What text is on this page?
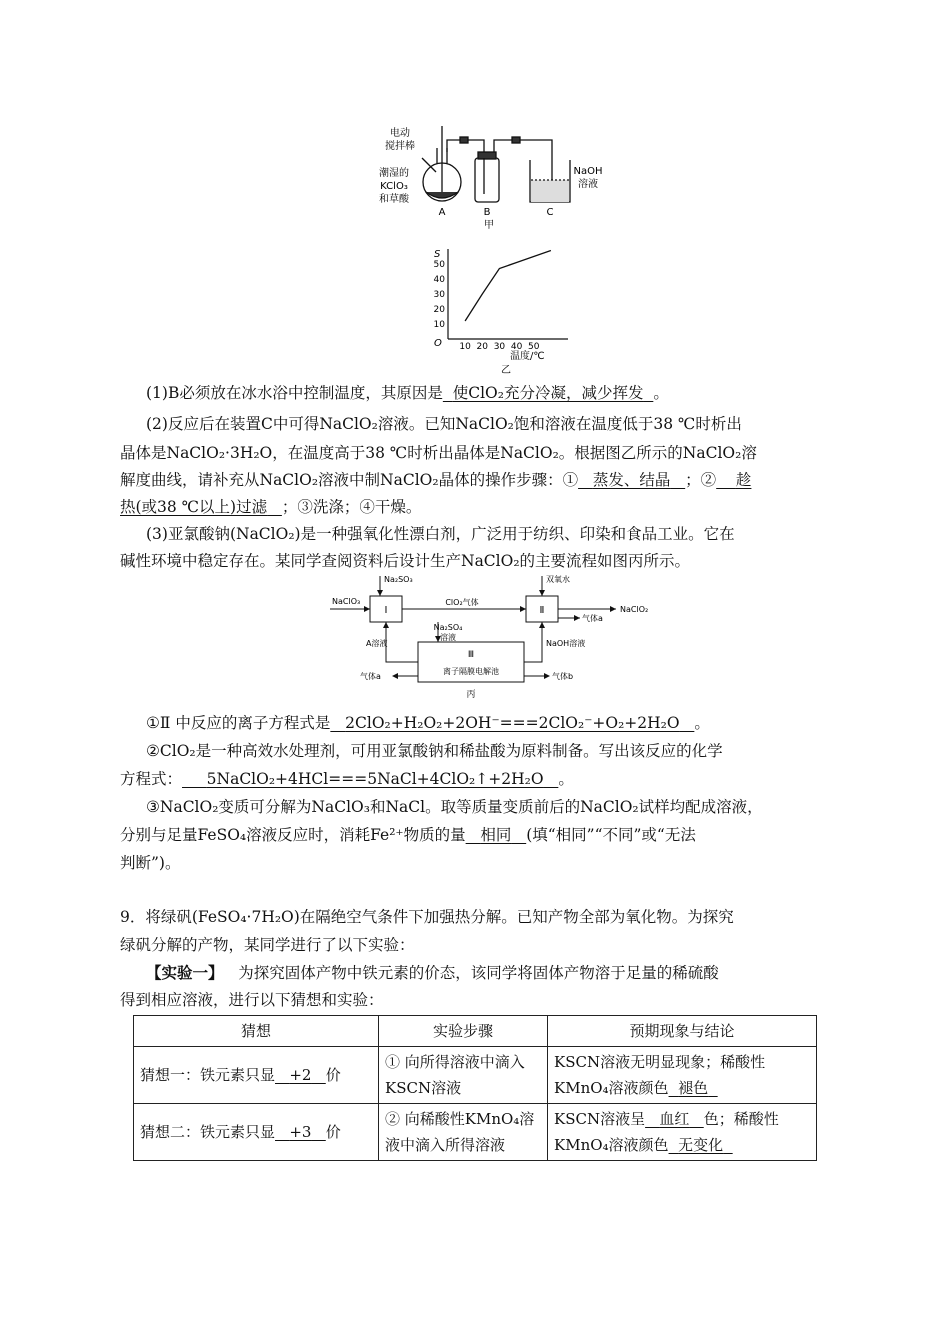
电动
搅拌棒
潮湿的
KClO₃
和草酸
NaOH
溶液
A	B	C
甲
S
O
温度/℃
乙
10 20 30 40 50
10
20
30
40
50
(1)B必须放在冰水浴中控制温度，其原因是 使ClO₂充分冷凝，减少挥发 。
(2)反应后在装置C中可得NaClO₂溶液。已知NaClO₂饱和溶液在温度低于38 ℃时析出
晶体是NaClO₂·3H₂O，在温度高于38 ℃时析出晶体是NaClO₂。根据图乙所示的NaClO₂溶
解度曲线，请补充从NaClO₂溶液中制NaClO₂晶体的操作步骤：① 蒸发、结晶 ；② 趁
热(或38 ℃以上)过滤 ；③洗涤；④干燥。
(3)亚氯酸钠(NaClO₂)是一种强氧化性漂白剂，广泛用于纺织、印染和食品工业。它在
碱性环境中稳定存在。某同学查阅资料后设计生产NaClO₂的主要流程如图丙所示。
NaClO₃
Na₂SO₃
Ⅰ
ClO₂气体
双氧水
Ⅱ	NaClO₂
气体a
Na₂SO₄
溶液
A溶液	NaOH溶液
Ⅲ
离子隔膜电解池
气体a	气体b
丙
①Ⅱ 中反应的离子方程式是 2ClO₂+H₂O₂+2OH⁻===2ClO₂⁻+O₂+2H₂O 。
②ClO₂是一种高效水处理剂，可用亚氯酸钠和稀盐酸为原料制备。写出该反应的化学
方程式： 5NaClO₂+4HCl===5NaCl+4ClO₂↑+2H₂O 。
③NaClO₂变质可分解为NaClO₃和NaCl。取等质量变质前后的NaClO₂试样均配成溶液，
分别与足量FeSO₄溶液反应时，消耗Fe²⁺物质的量 相同 (填“相同”“不同”或“无法
判断”)。
9．将绿矾(FeSO₄·7H₂O)在隔绝空气条件下加强热分解。已知产物全部为氧化物。为探究
绿矾分解的产物，某同学进行了以下实验：
【实验一】 为探究固体产物中铁元素的价态，该同学将固体产物溶于足量的稀硫酸
得到相应溶液，进行以下猜想和实验：
猜想	实验步骤	预期现象与结论
猜想一：铁元素只显 +2 价	① 向所得溶液中滴入KSCN溶液	KSCN溶液无明显现象；稀酸性KMnO₄溶液颜色 褪色
猜想二：铁元素只显 +3 价	② 向稀酸性KMnO₄溶液中滴入所得溶液	KSCN溶液呈 血红 色；稀酸性KMnO₄溶液颜色 无变化
